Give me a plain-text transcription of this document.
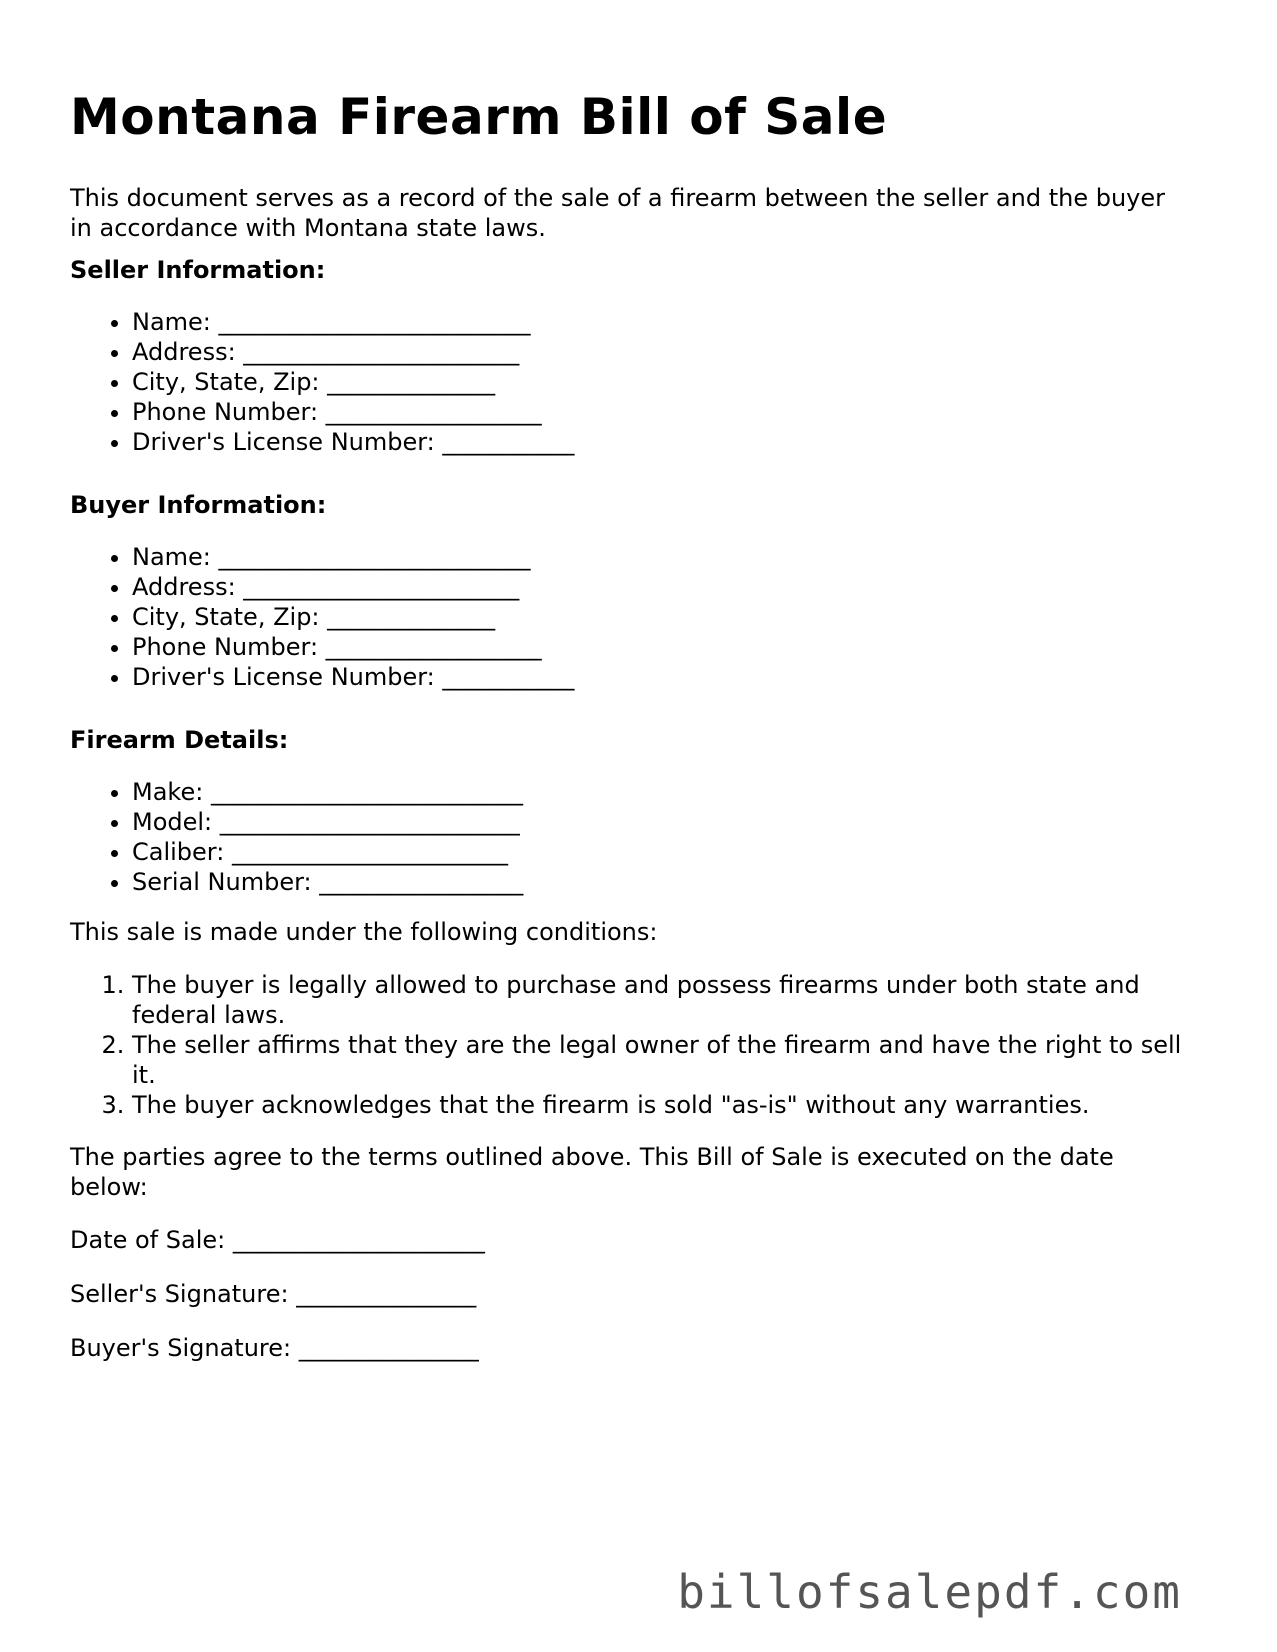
Montana Firearm Bill of Sale

This document serves as a record of the sale of a firearm between the seller and the buyer in accordance with Montana state laws.

Seller Information:

• Name: __________________________
• Address: _______________________
• City, State, Zip: ______________
• Phone Number: __________________
• Driver's License Number: ___________

Buyer Information:

• Name: __________________________
• Address: _______________________
• City, State, Zip: ______________
• Phone Number: __________________
• Driver's License Number: ___________

Firearm Details:

• Make: __________________________
• Model: _________________________
• Caliber: _______________________
• Serial Number: _________________

This sale is made under the following conditions:

1. The buyer is legally allowed to purchase and possess firearms under both state and federal laws.
2. The seller affirms that they are the legal owner of the firearm and have the right to sell it.
3. The buyer acknowledges that the firearm is sold "as-is" without any warranties.

The parties agree to the terms outlined above. This Bill of Sale is executed on the date below:

Date of Sale: _____________________

Seller's Signature: _______________

Buyer's Signature: _______________

billofsalepdf.com
